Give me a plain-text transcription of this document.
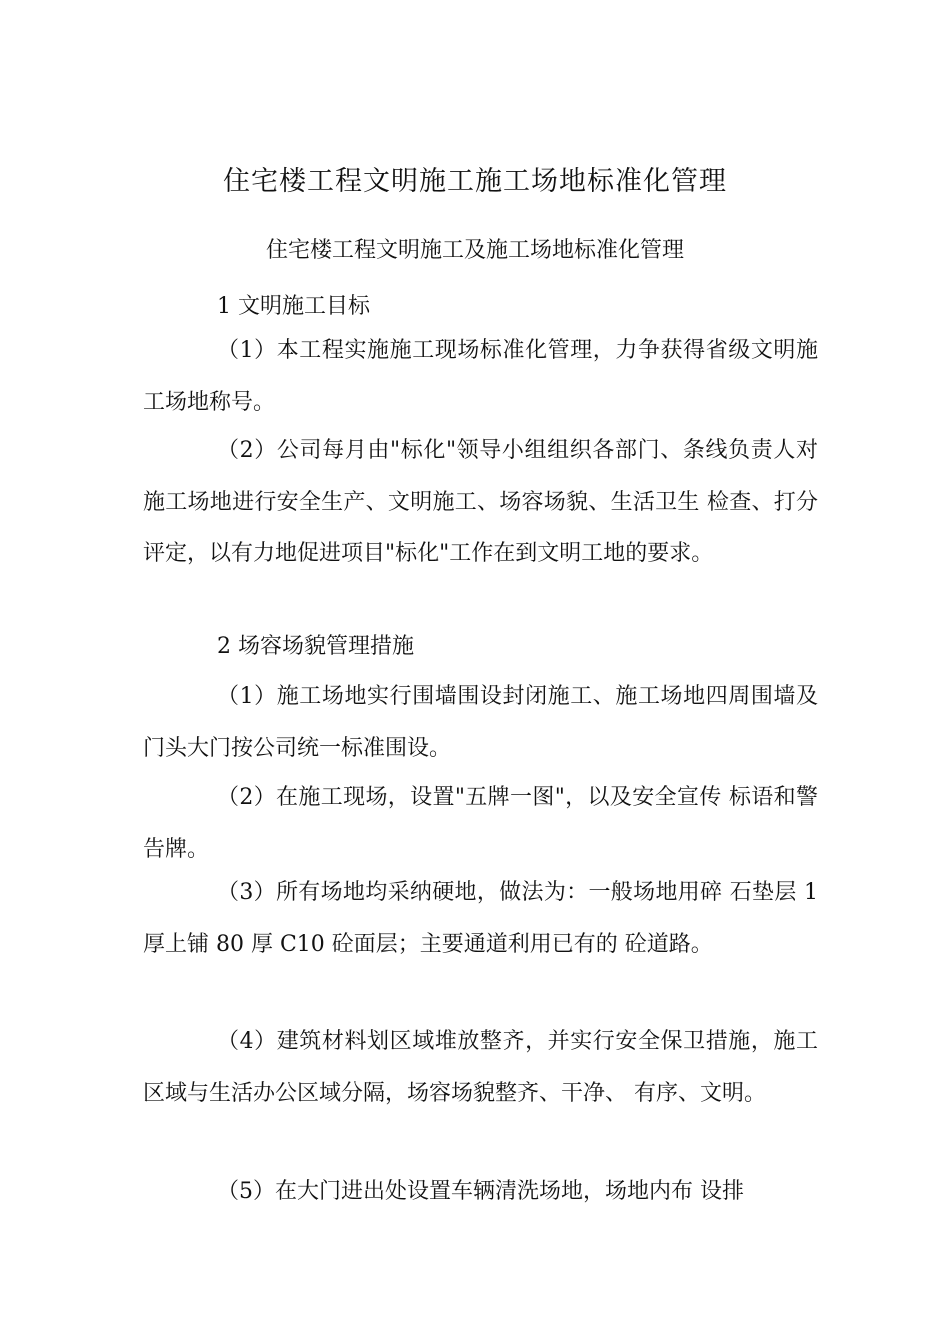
住宅楼工程文明施工施工场地标准化管理
住宅楼工程文明施工及施工场地标准化管理

1 文明施工目标

（1）本工程实施施工现场标准化管理，力争获得省级文明施工场地称号。

（2）公司每月由"标化"领导小组组织各部门、条线负责人对施工场地进行安全生产、文明施工、场容场貌、生活卫生 检查、打分评定，以有力地促进项目"标化"工作在到文明工地的要求。

2 场容场貌管理措施

（1）施工场地实行围墙围设封闭施工、施工场地四周围墙及 门头大门按公司统一标准围设。

（2）在施工现场，设置"五牌一图"，以及安全宣传 标语和警告牌。

（3）所有场地均采纳硬地，做法为：一般场地用碎 石垫层 1 厚上铺 80 厚 C10 砼面层；主要通道利用已有的 砼道路。

（4）建筑材料划区域堆放整齐，并实行安全保卫措施，施工区域与生活办公区域分隔，场容场貌整齐、干净、 有序、文明。

（5）在大门进出处设置车辆清洗场地，场地内布 设排
